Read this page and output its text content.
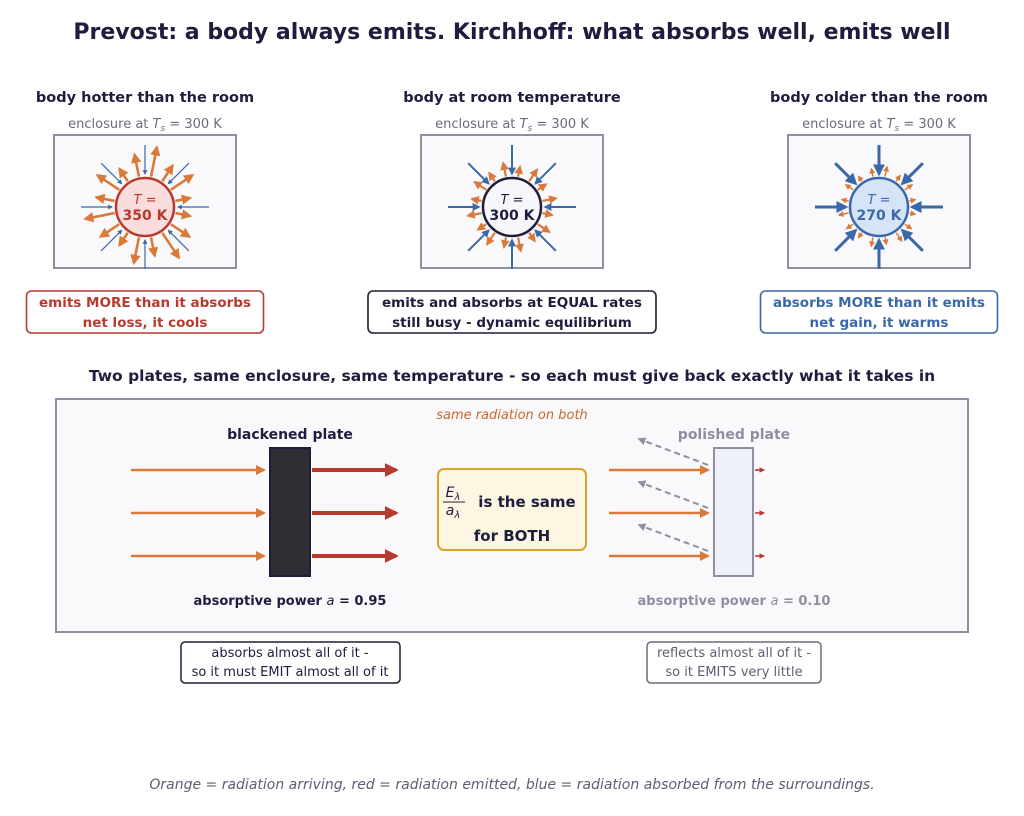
Prevost: a body always emits. Kirchhoff: what absorbs well, emits well
body hotter than the room
enclosure at $T_s = 300$ K
T =
350 K
emits MORE than it absorbs
net loss, it cools
body at room temperature
enclosure at $T_s = 300$ K
T =
300 K
emits and absorbs at EQUAL rates
still busy - dynamic equilibrium
body colder than the room
enclosure at $T_s = 300$ K
T =
270 K
absorbs MORE than it emits
net gain, it warms
Two plates, same enclosure, same temperature - so each must give back exactly what it takes in
same radiation on both
blackened plate
absorptive power a = 0.95
$E_\lambda$
$a_\lambda$
is the same
for BOTH
polished plate
absorptive power a = 0.10
absorbs almost all of it -
so it must EMIT almost all of it
reflects almost all of it -
so it EMITS very little
Orange = radiation arriving, red = radiation emitted, blue = radiation absorbed from the surroundings.
